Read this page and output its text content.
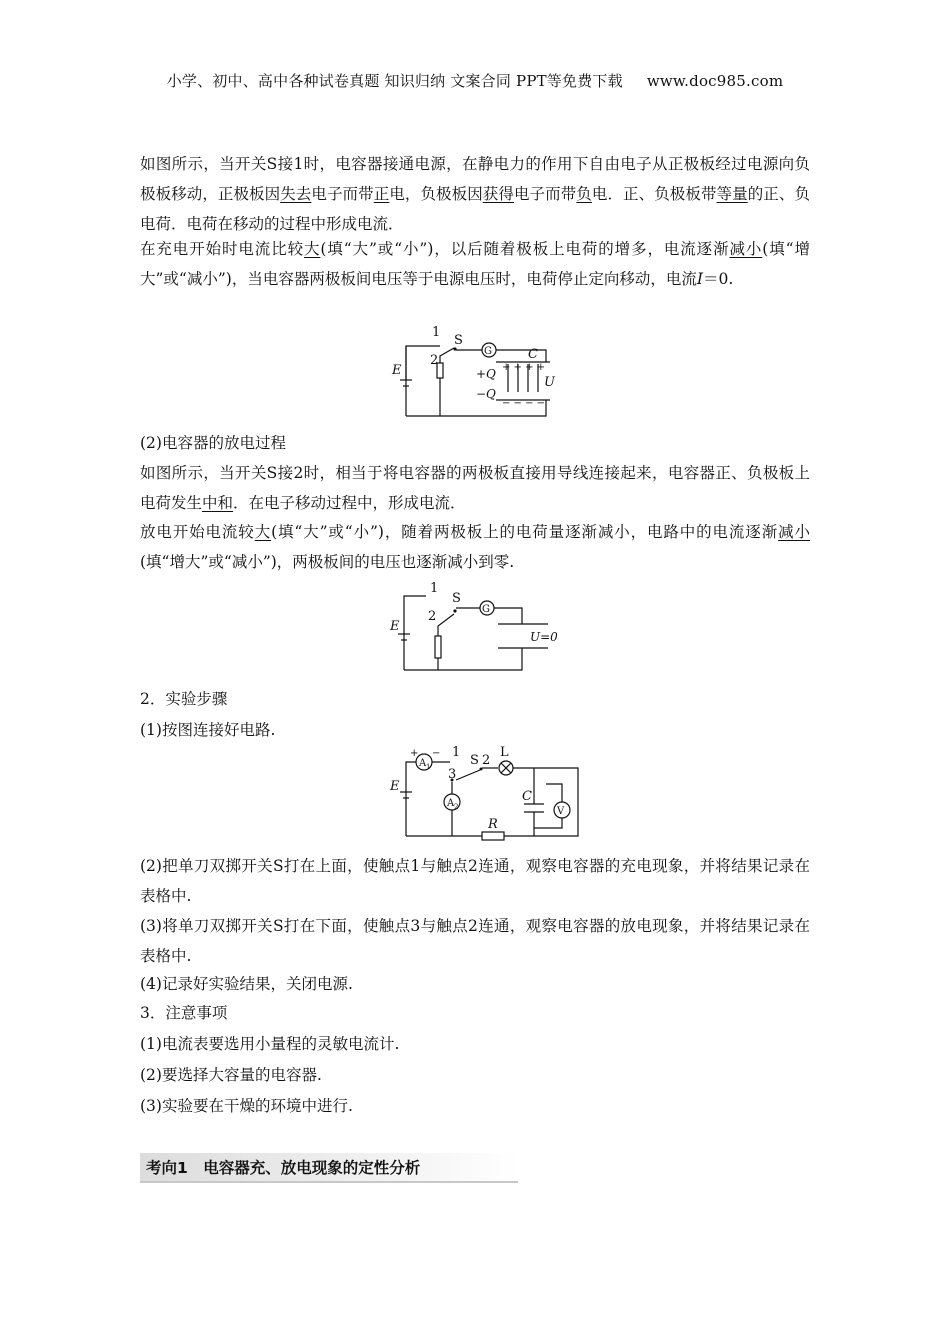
小学、初中、高中各种试卷真题 知识归纳 文案合同 PPT等免费下载 www.doc985.com

如图所示，当开关S接1时，电容器接通电源，在静电力的作用下自由电子从正极板经过电源向负极板移动，正极板因失去电子而带正电，负极板因获得电子而带负电．正、负极板带等量的正、负电荷．电荷在移动的过程中形成电流．

在充电开始时电流比较大(填“大”或“小”)，以后随着极板上电荷的增多，电流逐渐减小(填“增大”或“减小”)，当电容器两极板间电压等于电源电压时，电荷停止定向移动，电流I＝0.

1
S
2
G	C
E	+Q
−Q
U
+ + + +
− − − −

(2)电容器的放电过程

如图所示，当开关S接2时，相当于将电容器的两极板直接用导线连接起来，电容器正、负极板上电荷发生中和．在电子移动过程中，形成电流．

放电开始电流较大(填“大”或“小”)，随着两极板上的电荷量逐渐减小，电路中的电流逐渐减小(填“增大”或“减小”)，两极板间的电压也逐渐减小到零.

1
S
2	G
E
U=0

2．实验步骤

(1)按图连接好电路.

A 1
+ − 1
3
S 2
L
E
A 2
C
V
R

(2)把单刀双掷开关S打在上面，使触点1与触点2连通，观察电容器的充电现象，并将结果记录在表格中.

(3)将单刀双掷开关S打在下面，使触点3与触点2连通，观察电容器的放电现象，并将结果记录在表格中.

(4)记录好实验结果，关闭电源.

3．注意事项

(1)电流表要选用小量程的灵敏电流计.

(2)要选择大容量的电容器.

(3)实验要在干燥的环境中进行.

考向1　电容器充、放电现象的定性分析
